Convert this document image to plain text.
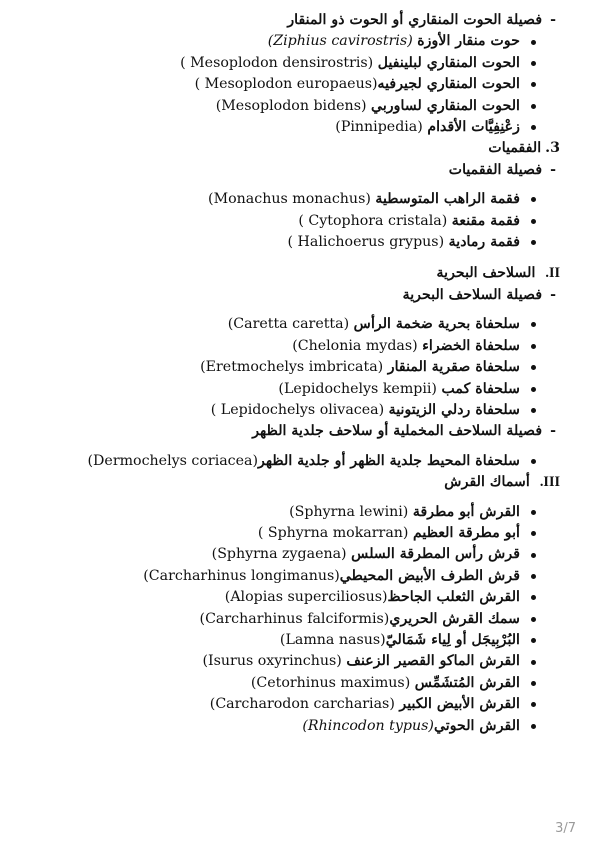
- فصيلة الحوت المنقاري أو الحوت ذو المنقار
حوت منقار الأوزة

(Ziphius cavirostris)
الحوت المنقاري لبلينفيل

( Mesoplodon densirostris)
الحوت المنقاري لجيرفيه
( Mesoplodon europaeus)
الحوت المنقاري لساوربي

(Mesoplodon bidens)
زعْنِفِيَّات الأقدام

(Pinnipedia)
3.
الفقميات
- فصيلة الفقميات
فقمة الراهب المتوسطية

(Monachus monachus)
فقمة مقنعة

( Cytophora cristala)
فقمة رمادية

( Halichoerus grypus)
II.
السلاحف البحرية
- فصيلة السلاحف البحرية
سلحفاة بحرية ضخمة الرأس

(Caretta caretta)
سلحفاة الخضراء

(Chelonia mydas)
سلحفاة صقرية المنقار

(Eretmochelys imbricata)
سلحفاة كمب

(Lepidochelys kempii)
سلحفاة ردلي الزيتونية

( Lepidochelys olivacea)
- فصيلة السلاحف المخملية أو سلاحف جلدية الظهر
سلحفاة المحيط جلدية الظهر أو جلدية الظهر
(Dermochelys coriacea)
III.
أسماك القرش
القرش أبو مطرقة

(Sphyrna lewini)
أبو مطرقة العظيم

( Sphyrna mokarran)
قرش رأس المطرقة السلس

(Sphyrna zygaena)
قرش الطرف الأبيض المحيطي
(Carcharhinus longimanus)
القرش الثعلب الجاحظ
(Alopias superciliosus)
سمك القرش الحريري
(Carcharhinus falciformis)
البُرْبِيجَل أو لِياء شَمَاليّ
(Lamna nasus)
القرش الماكو القصير الزعنف

(Isurus oxyrinchus)
القرش المُتشَمِّس

(Cetorhinus maximus)
القرش الأبيض الكبير

(Carcharodon carcharias)
القرش الحوتي
(Rhincodon typus)
3/7
